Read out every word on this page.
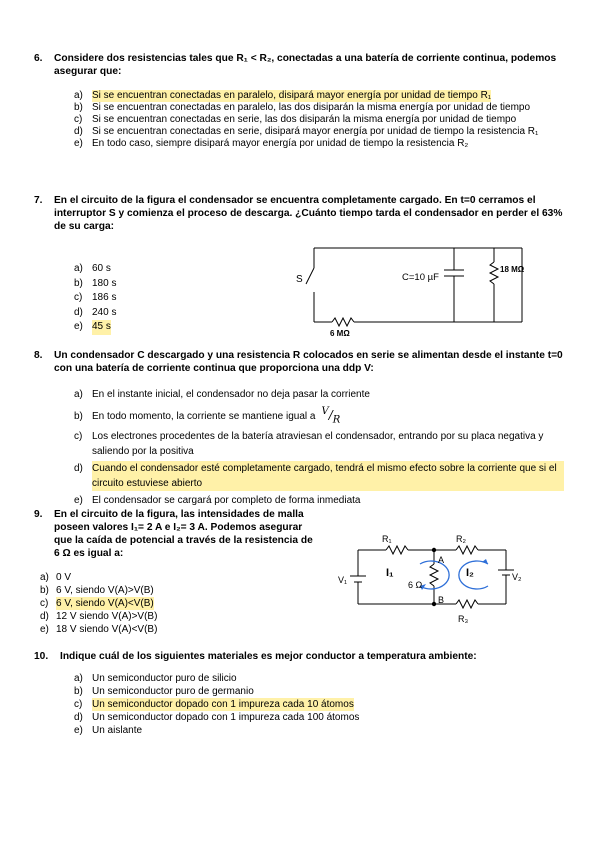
6.	Considere dos resistencias tales que R₁ < R₂, conectadas a una batería de corriente continua, podemos asegurar que:
a) Si se encuentran conectadas en paralelo, disipará mayor energía por unidad de tiempo R₁
b) Si se encuentran conectadas en paralelo, las dos disiparán la misma energía por unidad de tiempo
c) Si se encuentran conectadas en serie, las dos disiparán la misma energía por unidad de tiempo
d) Si se encuentran conectadas en serie, disipará mayor energía por unidad de tiempo la resistencia R₁
e) En todo caso, siempre disipará mayor energía por unidad de tiempo la resistencia R₂
7.	En el circuito de la figura el condensador se encuentra completamente cargado. En t=0 cerramos el interruptor S y comienza el proceso de descarga. ¿Cuánto tiempo tarda el condensador en perder el 63% de su carga:
a) 60 s
b) 180 s
c) 186 s
d) 240 s
e) 45 s
S	C=10 µF
18 MΩ
6 MΩ
8.	Un condensador C descargado y una resistencia R colocados en serie se alimentan desde el instante t=0 con una batería de corriente continua que proporciona una ddp V:
a) En el instante inicial, el condensador no deja pasar la corriente
b) En todo momento, la corriente se mantiene igual a $^V/_R$
c) Los electrones procedentes de la batería atraviesan el condensador, entrando por su placa negativa y saliendo por la positiva
d) Cuando el condensador esté completamente cargado, tendrá el mismo efecto sobre la corriente que si el circuito estuviese abierto
e) El condensador se cargará por completo de forma inmediata
9.	En el circuito de la figura, las intensidades de malla poseen valores I₁= 2 A e I₂= 3 A. Podemos asegurar que la caída de potencial a través de la resistencia de 6 Ω es igual a:
a) 0 V
b) 6 V, siendo V(A)>V(B)
c) 6 V, siendo V(A)<V(B)
d) 12 V siendo V(A)>V(B)
e) 18 V siendo V(A)<V(B)
R₁	R₂
R₃
V₁	V₂
I₁	I₂
A
B
6 Ω
10.	Indique cuál de los siguientes materiales es mejor conductor a temperatura ambiente:
a) Un semiconductor puro de silicio
b) Un semiconductor puro de germanio
c) Un semiconductor dopado con 1 impureza cada 10 átomos
d) Un semiconductor dopado con 1 impureza cada 100 átomos
e) Un aislante
